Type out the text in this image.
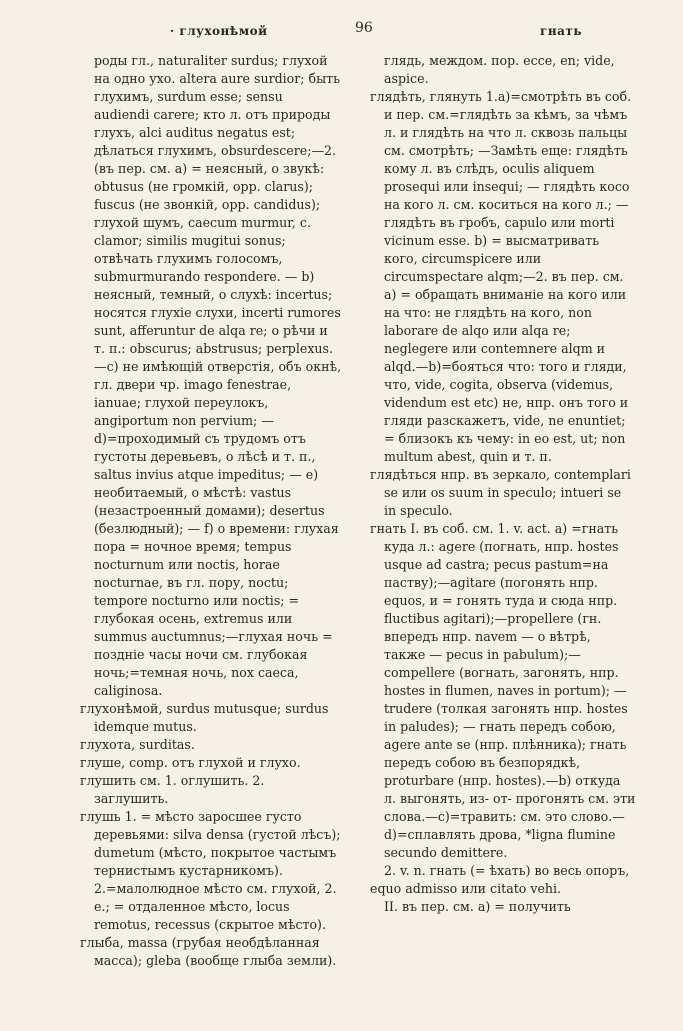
· глухонѣмой	96	гнать

роды гл., naturaliter surdus; глухой на одно ухо. altera aure surdior; быть глухимъ, surdum esse; sensu audiendi carere; кто л. отъ природы глухъ, alci auditus negatus est; дѣлаться глухимъ, obsurdescere;—2. (въ пер. см. а) = неясный, о звукѣ: obtusus (не громкій, opp. clarus); fuscus (не звонкій, opp. candidus); глухой шумъ, caecum murmur, c. clamor; similis mugitui sonus; отвѣчать глухимъ голосомъ, submurmurando respondere. — b) неясный, темный, о слухѣ: incertus; носятся глухіе слухи, incerti rumores sunt, afferuntur de alqa re; о рѣчи и т. п.: obscurus; abstrusus; perplexus.—c) не имѣющій отверстія, объ окнѣ, гл. двери чр. imago fenestrae, ianuae; глухой переулокъ, angiportum non pervium; — d)=проходимый съ трудомъ отъ густоты деревьевъ, о лѣсѣ и т. п., saltus invius atque impeditus; — e) необитаемый, о мѣстѣ: vastus (незастроенный домами); desertus (безлюдный); — f) о времени: глухая пора = ночное время; tempus nocturnum или noctis, horae nocturnae, въ гл. пору, noctu; tempore nocturno или noctis; = глубокая осень, extremus или summus auctumnus;—глухая ночь = позднiе часы ночи см. глубокая ночь;=темная ночь, nox caeca, caliginosa.

глухонѣмой, surdus mutusque; surdus idemque mutus.

глухота, surditas.

глуше, comp. отъ глухой и глухо.

глушить см. 1. оглушить. 2. заглушить.

глушь 1. = мѣсто заросшее густо деревьями: silva densa (густой лѣсъ); dumetum (мѣсто, покрытое частымъ тернистымъ кустарникомъ). 2.=малолюдное мѣсто см. глухой, 2. e.; = отдаленное мѣсто, locus remotus, recessus (скрытое мѣсто).

глыба, massa (грубая необдѣланная масса); gleba (вообще глыба земли).

глядь, междом. пор. ecce, en; vide, aspice.

глядѣть, глянуть 1.a)=смотрѣть въ соб. и пер. см.=глядѣть за кѣмъ, за чѣмъ л. и глядѣть на что л. сквозь пальцы см. смотрѣть; —Замѣть еще: глядѣть кому л. въ слѣдъ, oculis aliquem prosequi или insequi; — глядѣть косо на кого л. см. коситься на кого л.; — глядѣть въ гробъ, capulo или morti vicinum esse. b) = высматривать кого, circumspicere или circumspectare alqm;—2. въ пер. см. a) = обращать вниманіе на кого или на что: не глядѣть на кого, non laborare de alqo или alqa re; neglegere или contemnere alqm и alqd.—b)=бояться что: того и гляди, что, vide, cogita, observa (videmus, videndum est etc) не, нпр. онъ того и гляди разскажетъ, vide, ne enuntiet; = близокъ къ чему: in eo est, ut; non multum abest, quin и т. п.

глядѣться нпр. въ зеркало, contemplari se или os suum in speculo; intueri se in speculo.

гнать I. въ соб. см. 1. v. act. a) =гнать куда л.: agere (погнать, нпр. hostes usque ad castra; pecus pastum=на паству);—agitare (погонять нпр. equos, и = гонять туда и сюда нпр. fluctibus agitari);—propellere (гн. впередъ нпр. navem — о вѣтрѣ, также — pecus in pabulum);—compellere (вогнать, загонять, нпр. hostes in flumen, naves in portum); — trudere (толкая загонять нпр. hostes in paludes); — гнать передъ собою, agere ante se (нпр. плѣнника); гнать передъ собою въ безпорядкѣ, proturbare (нпр. hostes).—b) откуда л. выгонять, из- от- прогонять см. эти слова.—c)=травить: см. это слово.—d)=сплавлять дрова, *ligna flumine secundo demittere.

2. v. n. гнать (= ѣхать) во весь опоръ, equo admisso или citato vehi.

II. въ пер. см. a) = получить
